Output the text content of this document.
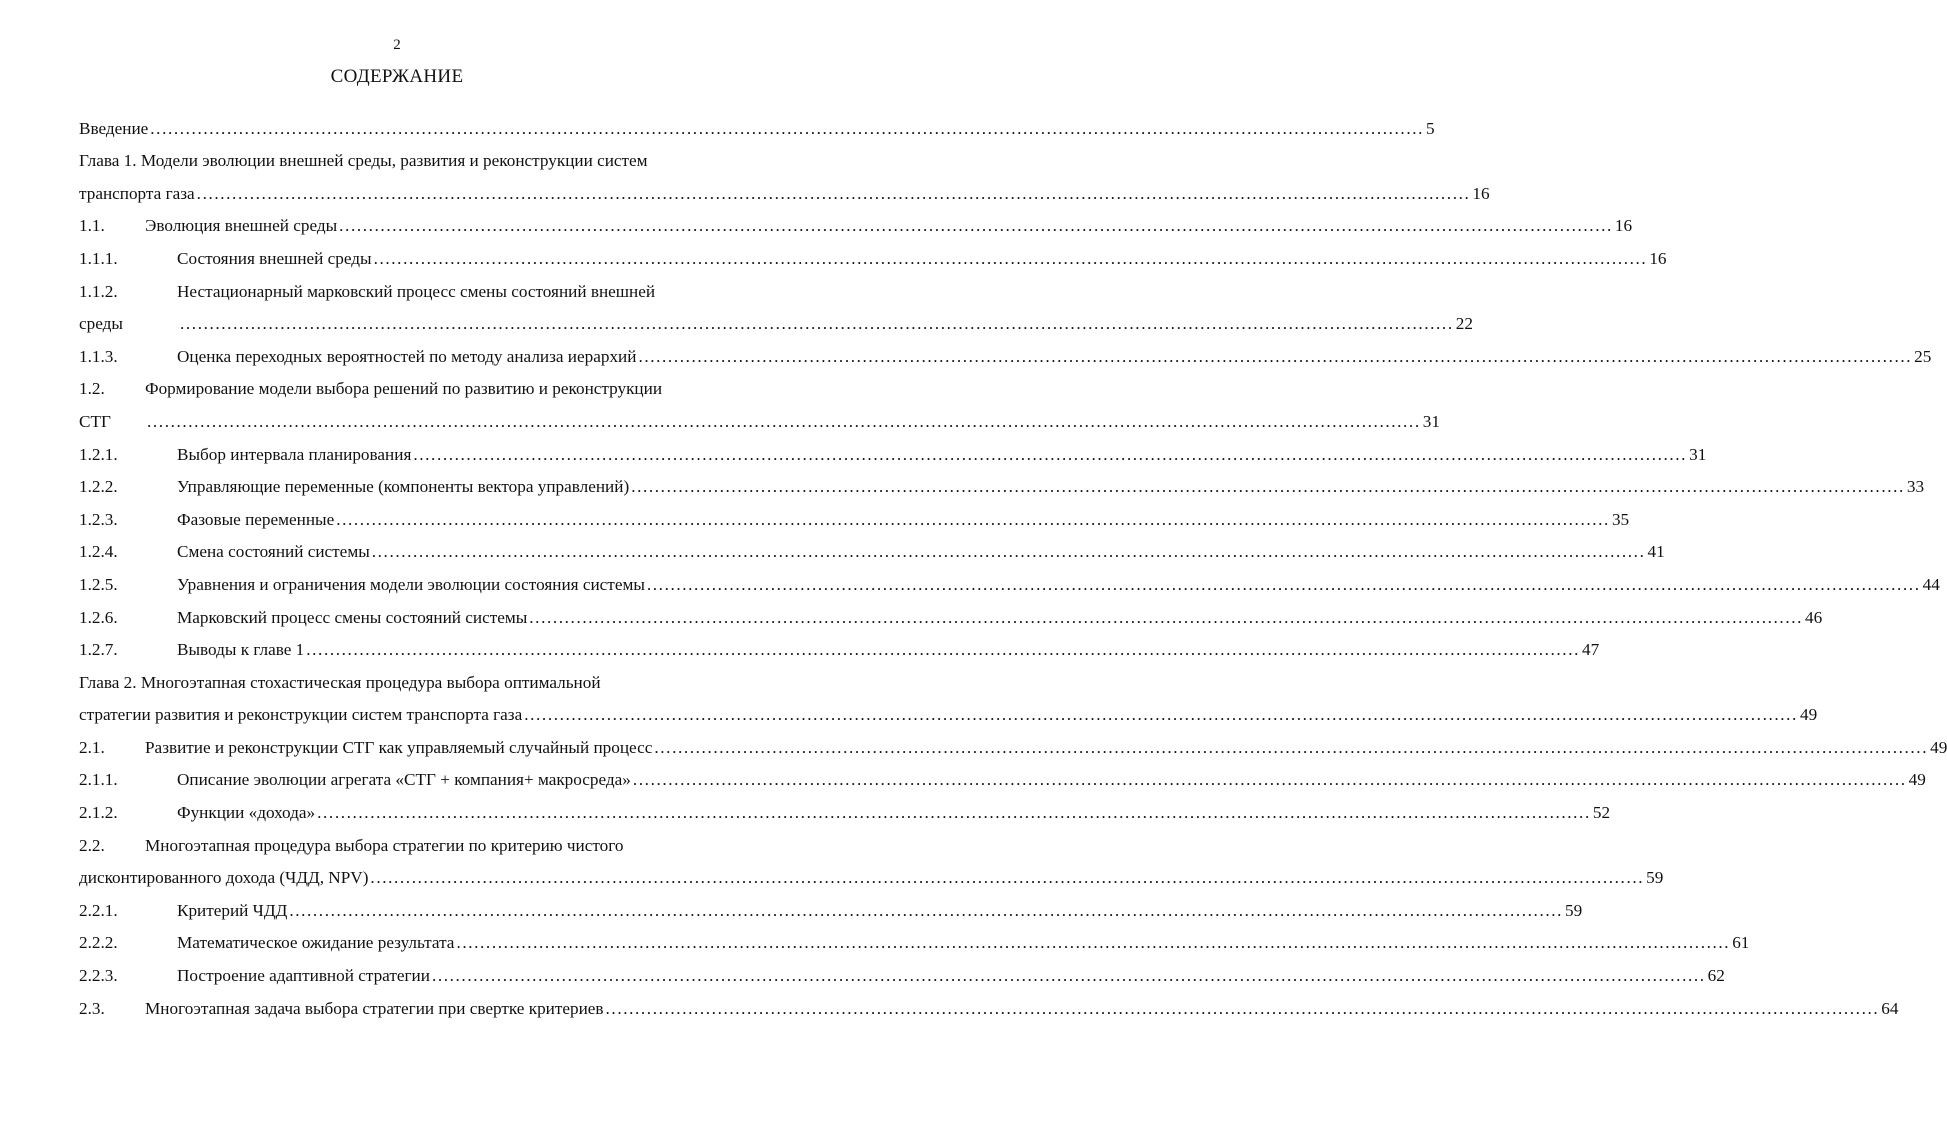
2
СОДЕРЖАНИЕ
Введение .....	5
Глава 1. Модели эволюции внешней среды, развития и реконструкции систем
транспорта газа .....	16
1.1.	Эволюция внешней среды .....	16
1.1.1.	Состояния внешней среды .....	16
1.1.2.	Нестационарный марковский процесс смены состояний внешней
среды .....	22
1.1.3.	Оценка переходных вероятностей по методу анализа иерархий .....	25
1.2.	Формирование модели выбора решений по развитию и реконструкции
СТГ .....	31
1.2.1.	Выбор интервала планирования .....	31
1.2.2.	Управляющие переменные (компоненты вектора управлений) .....	33
1.2.3.	Фазовые переменные .....	35
1.2.4.	Смена состояний системы .....	41
1.2.5.	Уравнения и ограничения модели эволюции состояния системы .....	44
1.2.6.	Марковский процесс смены состояний системы .....	46
1.2.7.	Выводы к главе 1 .....	47
Глава 2. Многоэтапная стохастическая процедура выбора оптимальной
стратегии развития и реконструкции систем транспорта газа .....	49
2.1.	Развитие и реконструкции СТГ как управляемый случайный процесс .....	49
2.1.1.	Описание эволюции агрегата «СТГ + компания+ макросреда» .....	49
2.1.2.	Функции «дохода» .....	52
2.2.	Многоэтапная процедура выбора стратегии по критерию чистого
дисконтированного дохода (ЧДД, NPV) .....	59
2.2.1.	Критерий ЧДД .....	59
2.2.2.	Математическое ожидание результата .....	61
2.2.3.	Построение адаптивной стратегии .....	62
2.3.	Многоэтапная задача выбора стратегии при свертке критериев .....	64
